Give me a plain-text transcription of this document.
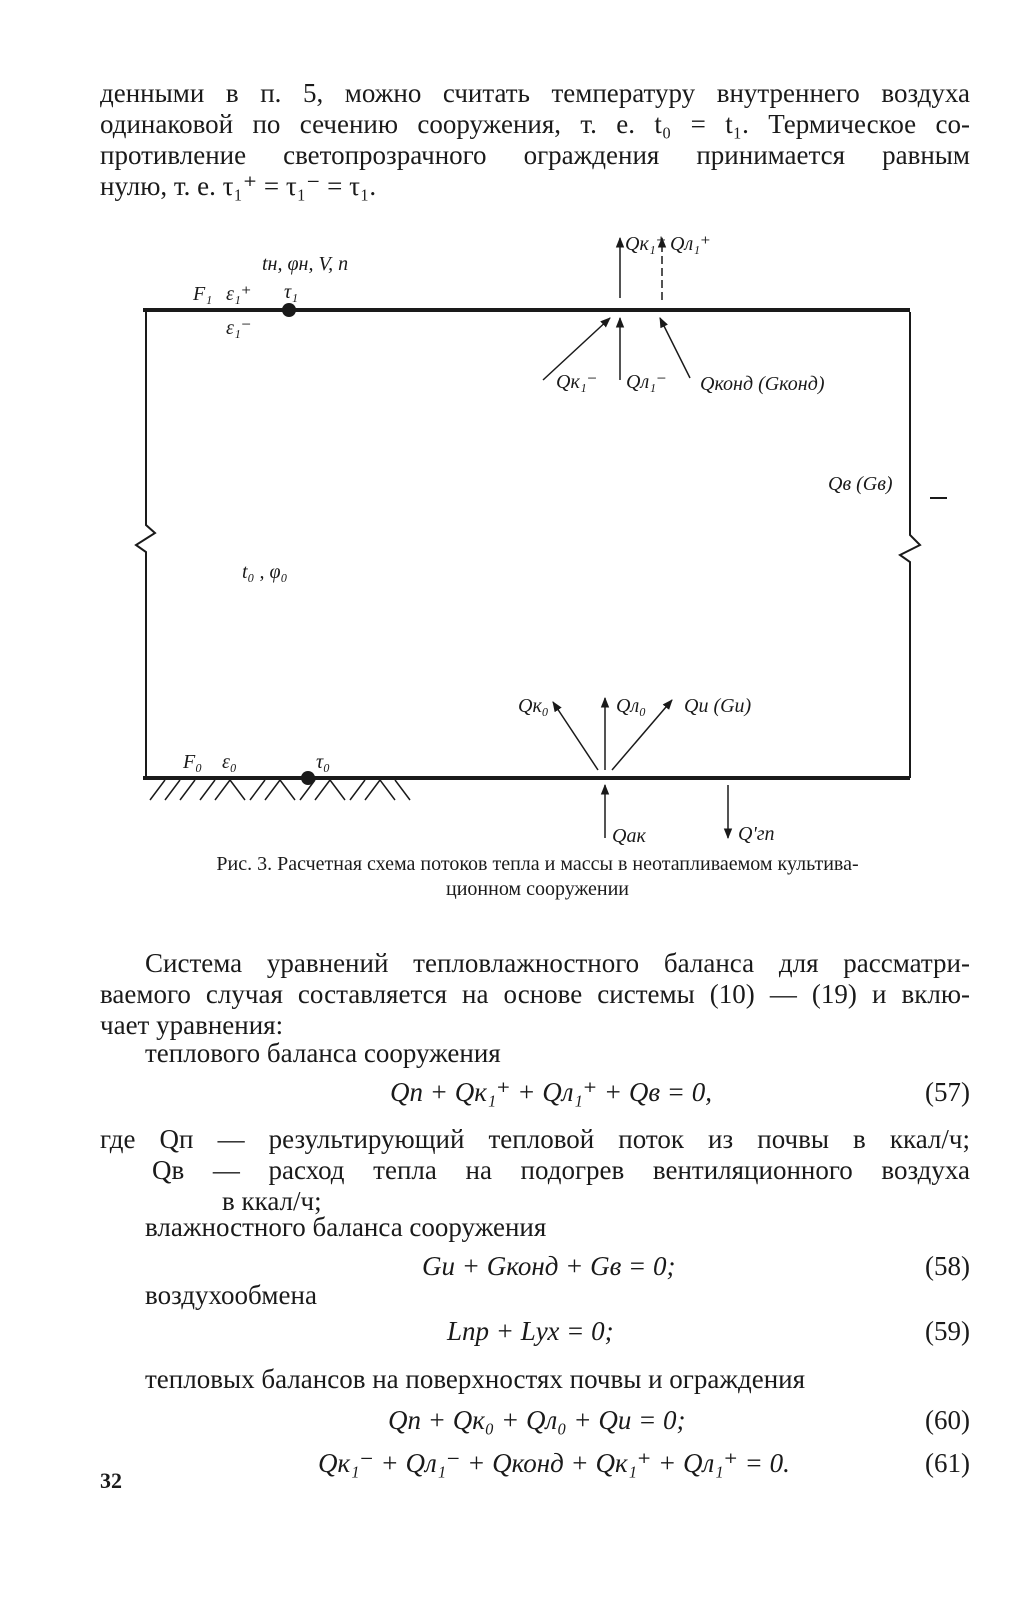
денными в п. 5, можно считать температуру внутреннего воздуха
одинаковой по сечению сооружения, т. е. t₀ = t₁. Термическое со-
противление светопрозрачного ограждения принимается равным
нулю, т. е. τ₁⁺ = τ₁⁻ = τ₁.
tн, φн, V, n
F₁ ε₁⁺
ε₁⁻
τ₁
Qк₁⁺ Qл₁⁺
Qк₁⁻ Qл₁⁻ Qконд (Gконд)
Qв (Gв)
t₀ , φ₀
Qк₀	Qл₀ Qи (Gи)
F₀ ε₀	τ₀
Qак	Q'гп
Рис. 3. Расчетная схема потоков тепла и массы в неотапливаемом культива-
ционном сооружении
Система уравнений тепловлажностного баланса для рассматри-
ваемого случая составляется на основе системы (10) — (19) и вклю-
чает уравнения:
теплового баланса сооружения
Qп + Qк₁⁺ + Qл₁⁺ + Qв = 0,	(57)
где Qп — результирующий тепловой поток из почвы в ккал/ч;
Qв — расход тепла на подогрев вентиляционного воздуха
в ккал/ч;
влажностного баланса сооружения
Gи + Gконд + Gв = 0;	(58)
воздухообмена
Lпр + Lух = 0;	(59)
тепловых балансов на поверхностях почвы и ограждения
Qп + Qк₀ + Qл₀ + Qи = 0;	(60)
Qк₁⁻ + Qл₁⁻ + Qконд + Qк₁⁺ + Qл₁⁺ = 0.	(61)
32
